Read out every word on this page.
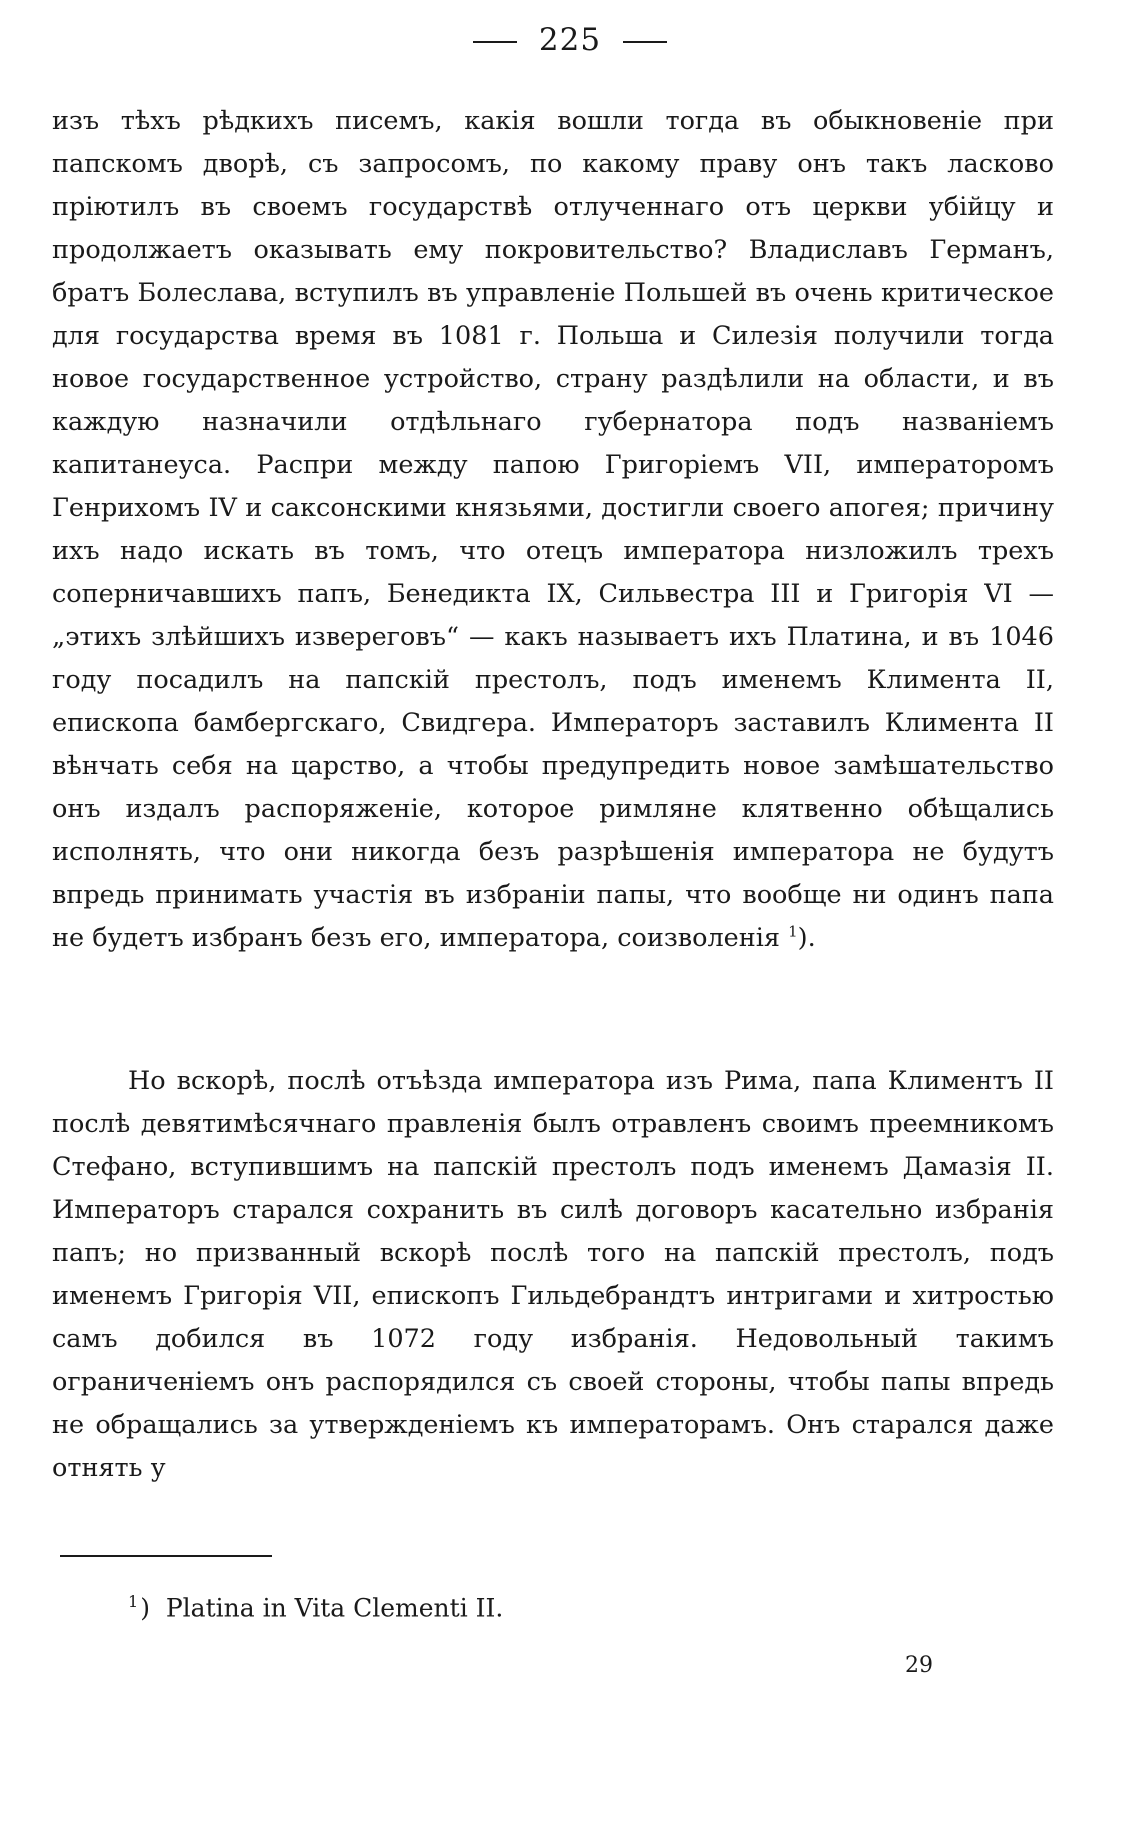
225
изъ тѣхъ рѣдкихъ писемъ, какія вошли тогда въ обыкновеніе при папскомъ дворѣ, съ запросомъ, по какому праву онъ такъ ласково пріютилъ въ своемъ государствѣ отлученнаго отъ церкви убійцу и продолжаетъ оказывать ему покровительство? Владиславъ Германъ, братъ Болеслава, вступилъ въ управленіе Польшей въ очень критическое для государства время въ 1081 г. Польша и Силезія получили тогда новое государственное устройство, страну раздѣлили на области, и въ каждую назначили отдѣльнаго губернатора подъ названіемъ капитанеуса. Распри между папою Григоріемъ VII, императоромъ Генрихомъ IV и саксонскими князьями, достигли своего апогея; причину ихъ надо искать въ томъ, что отецъ императора низложилъ трехъ соперничавшихъ папъ, Бенедикта IX, Сильвестра III и Григорія VI — „этихъ злѣйшихъ извереговъ“ — какъ называетъ ихъ Платина, и въ 1046 году посадилъ на папскій престолъ, подъ именемъ Климента II, епископа бамбергскаго, Свидгера. Императоръ заставилъ Климента II вѣнчать себя на царство, а чтобы предупредить новое замѣшательство онъ издалъ распоряженіе, которое римляне клятвенно обѣщались исполнять, что они никогда безъ разрѣшенія императора не будутъ впредь принимать участія въ избраніи папы, что вообще ни одинъ папа не будетъ избранъ безъ его, императора, соизволенія $^1$).
Но вскорѣ, послѣ отъѣзда императора изъ Рима, папа Климентъ II послѣ девятимѣсячнаго правленія былъ отравленъ своимъ преемникомъ Стефано, вступившимъ на папскій престолъ подъ именемъ Дамазія II. Императоръ старался сохранить въ силѣ договоръ касательно избранія папъ; но призванный вскорѣ послѣ того на папскій престолъ, подъ именемъ Григорія VII, епископъ Гильдебрандтъ интригами и хитростью самъ добился въ 1072 году избранія. Недовольный такимъ ограниченіемъ онъ распорядился съ своей стороны, чтобы папы впредь не обращались за утвержденіемъ къ императорамъ. Онъ старался даже отнять у
$^1$) Platina in Vita Clementi II.
29
